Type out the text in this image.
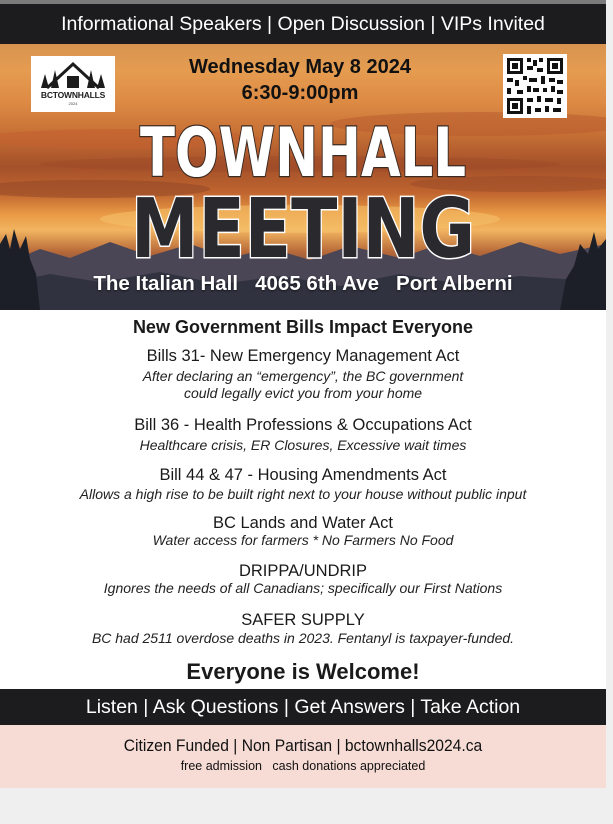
Informational Speakers | Open Discussion | VIPs Invited
BCTOWNHALLS
2024
Wednesday May 8 2024
6:30-9:00pm
TOWNHALL
MEETING
The Italian Hall   4065 6th Ave   Port Alberni
New Government Bills Impact Everyone
Bills 31- New Emergency Management Act
After declaring an “emergency”, the BC government
could legally evict you from your home
Bill 36 - Health Professions & Occupations Act
Healthcare crisis, ER Closures, Excessive wait times
Bill 44 & 47 - Housing Amendments Act
Allows a high rise to be built right next to your house without public input
BC Lands and Water Act
Water access for farmers * No Farmers No Food
DRIPPA/UNDRIP
Ignores the needs of all Canadians; specifically our First Nations
SAFER SUPPLY
BC had 2511 overdose deaths in 2023. Fentanyl is taxpayer-funded.
Everyone is Welcome!
Listen | Ask Questions | Get Answers | Take Action
Citizen Funded | Non Partisan | bctownhalls2024.ca
free admission   cash donations appreciated
